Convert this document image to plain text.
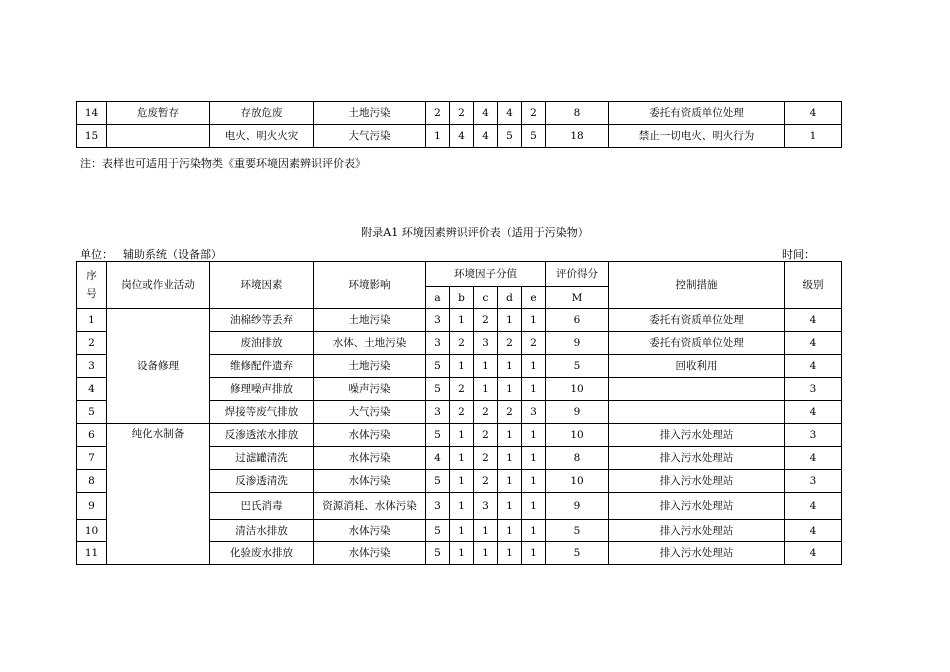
14	危废暂存	存放危废	土地污染	2	2	4	4	2	8	委托有资质单位处理	4
15		电火、明火火灾	大气污染	1	4	4	5	5	18	禁止一切电火、明火行为	1
注：表样也可适用于污染物类《重要环境因素辨识评价表》
附录A1 环境因素辨识评价表（适用于污染物）
单位： 辅助系统（设备部）	时间：
序
号	岗位或作业活动	环境因素	环境影响	环境因子分值					评价得分	控制措施	级别
				a	b	c	d	e	M		
1	设备修理	油棉纱等丢弃	土地污染	3	1	2	1	1	6	委托有资质单位处理	4
2		废油排放	水体、土地污染	3	2	3	2	2	9	委托有资质单位处理	4
3		维修配件遗弃	土地污染	5	1	1	1	1	5	回收利用	4
4		修理噪声排放	噪声污染	5	2	1	1	1	10		3
5		焊接等废气排放	大气污染	3	2	2	2	3	9		4
6	纯化水制备	反渗透浓水排放	水体污染	5	1	2	1	1	10	排入污水处理站	3
7		过滤罐清洗	水体污染	4	1	2	1	1	8	排入污水处理站	4
8		反渗透清洗	水体污染	5	1	2	1	1	10	排入污水处理站	3
9		巴氏消毒	资源消耗、水体污染	3	1	3	1	1	9	排入污水处理站	4
10		清洁水排放	水体污染	5	1	1	1	1	5	排入污水处理站	4
11		化验废水排放	水体污染	5	1	1	1	1	5	排入污水处理站	4
